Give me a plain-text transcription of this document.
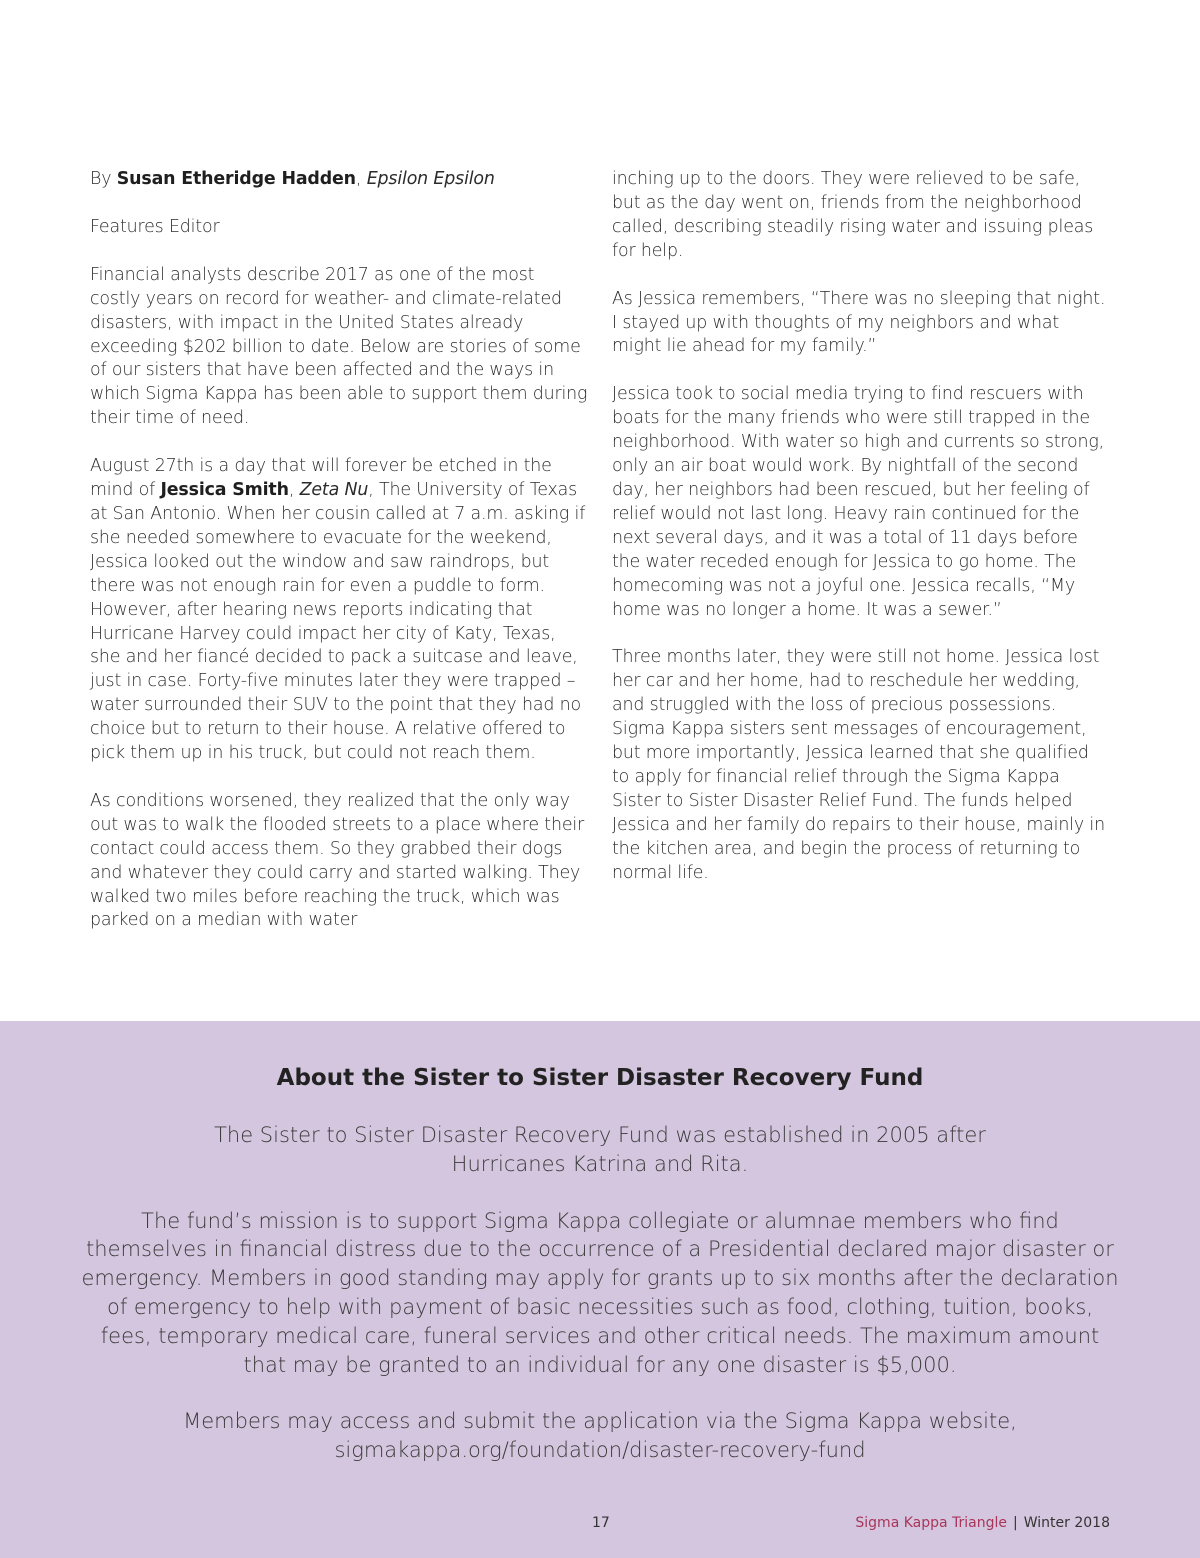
By Susan Etheridge Hadden, Epsilon Epsilon

Features Editor

Financial analysts describe 2017 as one of the most costly years on record for weather- and climate-related disasters, with impact in the United States already exceeding $202 billion to date. Below are stories of some of our sisters that have been affected and the ways in which Sigma Kappa has been able to support them during their time of need.

August 27th is a day that will forever be etched in the mind of Jessica Smith, Zeta Nu, The University of Texas at San Antonio. When her cousin called at 7 a.m. asking if she needed somewhere to evacuate for the weekend, Jessica looked out the window and saw raindrops, but there was not enough rain for even a puddle to form. However, after hearing news reports indicating that Hurricane Harvey could impact her city of Katy, Texas, she and her fiancé decided to pack a suitcase and leave, just in case. Forty-five minutes later they were trapped – water surrounded their SUV to the point that they had no choice but to return to their house. A relative offered to pick them up in his truck, but could not reach them.

As conditions worsened, they realized that the only way out was to walk the flooded streets to a place where their contact could access them. So they grabbed their dogs and whatever they could carry and started walking. They walked two miles before reaching the truck, which was parked on a median with water

inching up to the doors. They were relieved to be safe, but as the day went on, friends from the neighborhood called, describing steadily rising water and issuing pleas for help.

As Jessica remembers, “There was no sleeping that night. I stayed up with thoughts of my neighbors and what might lie ahead for my family.”

Jessica took to social media trying to find rescuers with boats for the many friends who were still trapped in the neighborhood. With water so high and currents so strong, only an air boat would work. By nightfall of the second day, her neighbors had been rescued, but her feeling of relief would not last long. Heavy rain continued for the next several days, and it was a total of 11 days before the water receded enough for Jessica to go home. The homecoming was not a joyful one. Jessica recalls, “My home was no longer a home. It was a sewer.”

Three months later, they were still not home. Jessica lost her car and her home, had to reschedule her wedding, and struggled with the loss of precious possessions. Sigma Kappa sisters sent messages of encouragement, but more importantly, Jessica learned that she qualified to apply for financial relief through the Sigma Kappa Sister to Sister Disaster Relief Fund. The funds helped Jessica and her family do repairs to their house, mainly in the kitchen area, and begin the process of returning to normal life.

About the Sister to Sister Disaster Recovery Fund

The Sister to Sister Disaster Recovery Fund was established in 2005 after Hurricanes Katrina and Rita.

The fund’s mission is to support Sigma Kappa collegiate or alumnae members who find themselves in financial distress due to the occurrence of a Presidential declared major disaster or emergency. Members in good standing may apply for grants up to six months after the declaration of emergency to help with payment of basic necessities such as food, clothing, tuition, books, fees, temporary medical care, funeral services and other critical needs. The maximum amount that may be granted to an individual for any one disaster is $5,000.

Members may access and submit the application via the Sigma Kappa website,
sigmakappa.org/foundation/disaster-recovery-fund

17	Sigma Kappa Triangle | Winter 2018
